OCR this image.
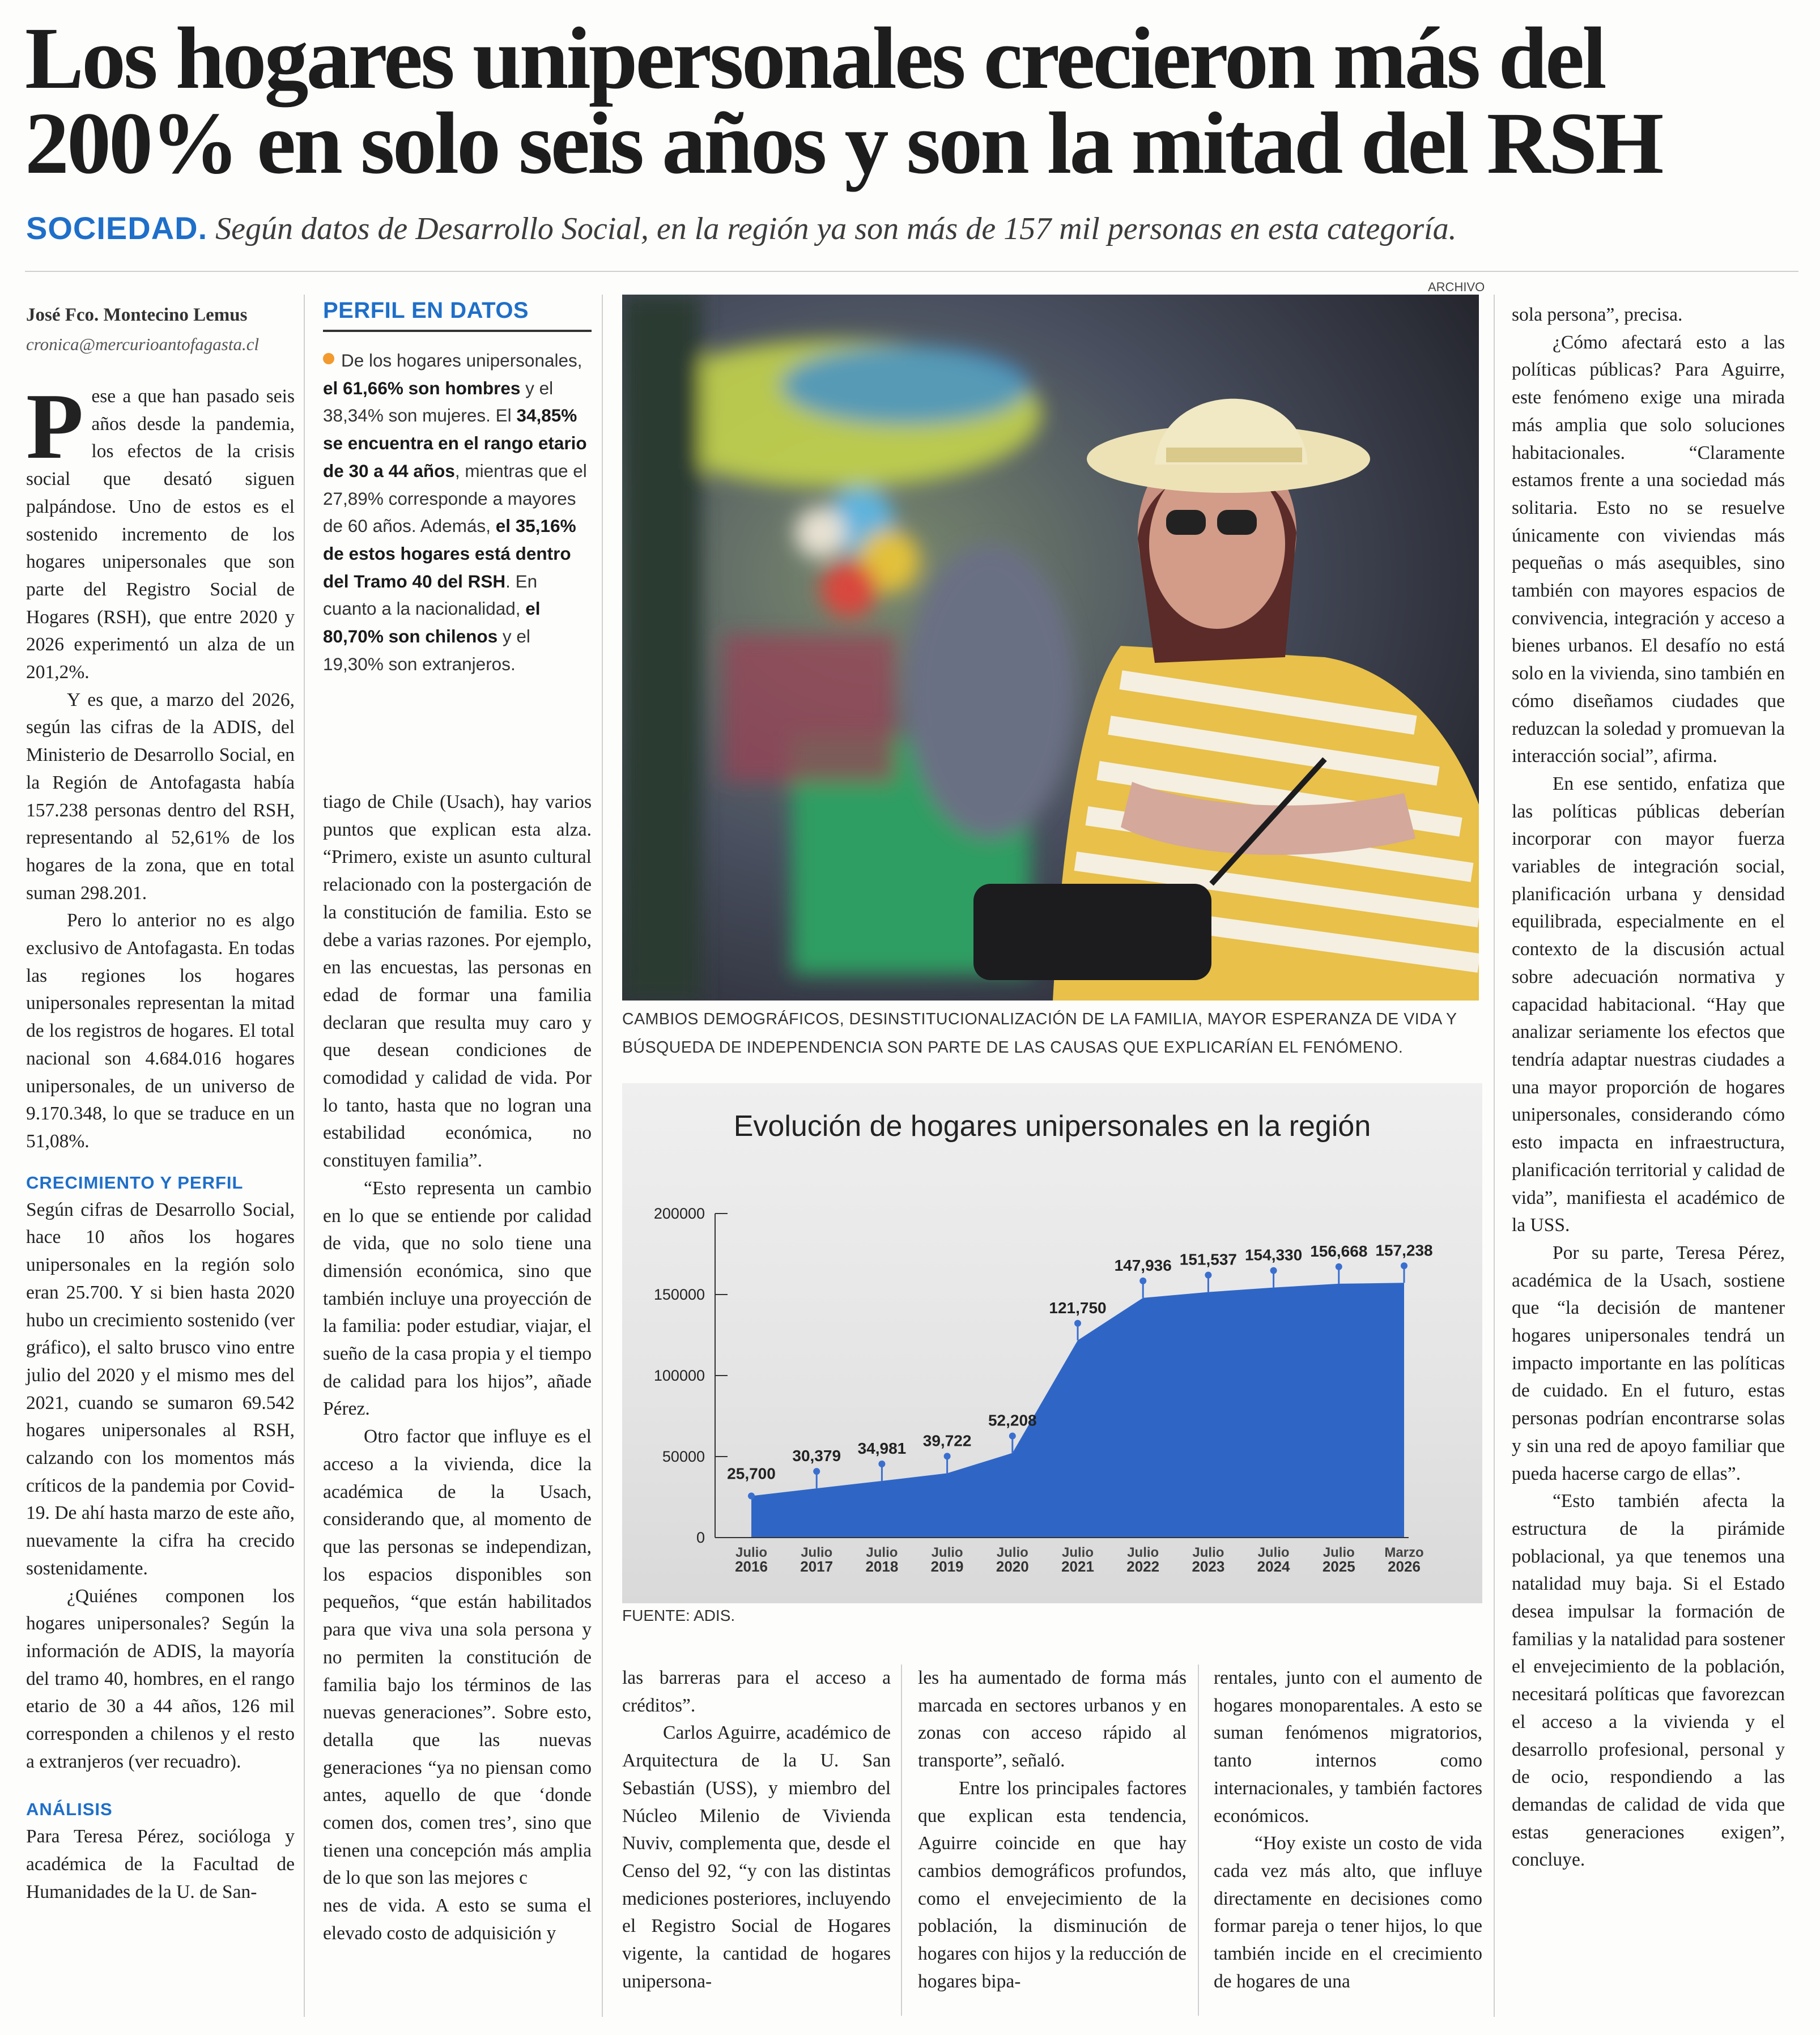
Los hogares unipersonales crecieron más del 200% en solo seis años y son la mitad del RSH
SOCIEDAD. Según datos de Desarrollo Social, en la región ya son más de 157 mil personas en esta categoría.
José Fco. Montecino Lemus
cronica@mercurioantofagasta.cl

Pese a que han pasado seis años desde la pandemia, los efectos de la crisis social que desató siguen palpándose. Uno de estos es el sostenido incremento de los hogares unipersonales que son parte del Registro Social de Hogares (RSH), que entre 2020 y 2026 experimentó un alza de un 201,2%.

Y es que, a marzo del 2026, según las cifras de la ADIS, del Ministerio de Desarrollo Social, en la Región de Antofagasta había 157.238 personas dentro del RSH, representando al 52,61% de los hogares de la zona, que en total suman 298.201.

Pero lo anterior no es algo exclusivo de Antofagasta. En todas las regiones los hogares unipersonales representan la mitad de los registros de hogares. El total nacional son 4.684.016 hogares unipersonales, de un universo de 9.170.348, lo que se traduce en un 51,08%.

CRECIMIENTO Y PERFIL

Según cifras de Desarrollo Social, hace 10 años los hogares unipersonales en la región solo eran 25.700. Y si bien hasta 2020 hubo un crecimiento sostenido (ver gráfico), el salto brusco vino entre julio del 2020 y el mismo mes del 2021, cuando se sumaron 69.542 hogares unipersonales al RSH, calzando con los momentos más críticos de la pandemia por Covid-19. De ahí hasta marzo de este año, nuevamente la cifra ha crecido sostenidamente.

¿Quiénes componen los hogares unipersonales? Según la información de ADIS, la mayoría del tramo 40, hombres, en el rango etario de 30 a 44 años, 126 mil corresponden a chilenos y el resto a extranjeros (ver recuadro).

ANÁLISIS

Para Teresa Pérez, socióloga y académica de la Facultad de Humanidades de la U. de San-

PERFIL EN DATOS
De los hogares unipersonales, el 61,66% son hombres y el 38,34% son mujeres. El 34,85% se encuentra en el rango etario de 30 a 44 años, mientras que el 27,89% corresponde a mayores de 60 años. Además, el 35,16% de estos hogares está dentro del Tramo 40 del RSH. En cuanto a la nacionalidad, el 80,70% son chilenos y el 19,30% son extranjeros.

tiago de Chile (Usach), hay varios puntos que explican esta alza. “Primero, existe un asunto cultural relacionado con la postergación de la constitución de familia. Esto se debe a varias razones. Por ejemplo, en las encuestas, las personas en edad de formar una familia declaran que resulta muy caro y que desean condiciones de comodidad y calidad de vida. Por lo tanto, hasta que no logran una estabilidad económica, no constituyen familia”.

“Esto representa un cambio en lo que se entiende por calidad de vida, que no solo tiene una dimensión económica, sino que también incluye una proyección de la familia: poder estudiar, viajar, el sueño de la casa propia y el tiempo de calidad para los hijos”, añade Pérez.

Otro factor que influye es el acceso a la vivienda, dice la académica de la Usach, considerando que, al momento de que las personas se independizan, los espacios disponibles son pequeños, “que están habilitados para que viva una sola persona y no permiten la constitución de familia bajo los términos de las nuevas generaciones”. Sobre esto, detalla que las nuevas generaciones “ya no piensan como antes, aquello de que ‘donde comen dos, comen tres’, sino que tienen una concepción más amplia de lo que son las mejores c

nes de vida. A esto se suma el elevado costo de adquisición y

ARCHIVO
CAMBIOS DEMOGRÁFICOS, DESINSTITUCIONALIZACIÓN DE LA FAMILIA, MAYOR ESPERANZA DE VIDA Y BÚSQUEDA DE INDEPENDENCIA SON PARTE DE LAS CAUSAS QUE EXPLICARÍAN EL FENÓMENO.
Evolución de hogares unipersonales en la región
0
50000
100000
150000
200000
25,700
Julio
2016
30,379
Julio
2017
34,981
Julio
2018
39,722
Julio
2019
52,208
Julio
2020
121,750
Julio
2021
147,936
Julio
2022
151,537
Julio
2023
154,330
Julio
2024
156,668
Julio
2025
157,238
Marzo
2026
FUENTE: ADIS.

las barreras para el acceso a créditos”.

Carlos Aguirre, académico de Arquitectura de la U. San Sebastián (USS), y miembro del Núcleo Milenio de Vivienda Nuviv, complementa que, desde el Censo del 92, “y con las distintas mediciones posteriores, incluyendo el Registro Social de Hogares vigente, la cantidad de hogares unipersona-

les ha aumentado de forma más marcada en sectores urbanos y en zonas con acceso rápido al transporte”, señaló.

Entre los principales factores que explican esta tendencia, Aguirre coincide en que hay cambios demográficos profundos, como el envejecimiento de la población, la disminución de hogares con hijos y la reducción de hogares bipa-

rentales, junto con el aumento de hogares monoparentales. A esto se suman fenómenos migratorios, tanto internos como internacionales, y también factores económicos.

“Hoy existe un costo de vida cada vez más alto, que influye directamente en decisiones como formar pareja o tener hijos, lo que también incide en el crecimiento de hogares de una

sola persona”, precisa.

¿Cómo afectará esto a las políticas públicas? Para Aguirre, este fenómeno exige una mirada más amplia que solo soluciones habitacionales. “Claramente estamos frente a una sociedad más solitaria. Esto no se resuelve únicamente con viviendas más pequeñas o más asequibles, sino también con mayores espacios de convivencia, integración y acceso a bienes urbanos. El desafío no está solo en la vivienda, sino también en cómo diseñamos ciudades que reduzcan la soledad y promuevan la interacción social”, afirma.

En ese sentido, enfatiza que las políticas públicas deberían incorporar con mayor fuerza variables de integración social, planificación urbana y densidad equilibrada, especialmente en el contexto de la discusión actual sobre adecuación normativa y capacidad habitacional. “Hay que analizar seriamente los efectos que tendría adaptar nuestras ciudades a una mayor proporción de hogares unipersonales, considerando cómo esto impacta en infraestructura, planificación territorial y calidad de vida”, manifiesta el académico de la USS.

Por su parte, Teresa Pérez, académica de la Usach, sostiene que “la decisión de mantener hogares unipersonales tendrá un impacto importante en las políticas de cuidado. En el futuro, estas personas podrían encontrarse solas y sin una red de apoyo familiar que pueda hacerse cargo de ellas”.

“Esto también afecta la estructura de la pirámide poblacional, ya que tenemos una natalidad muy baja. Si el Estado desea impulsar la formación de familias y la natalidad para sostener el envejecimiento de la población, necesitará políticas que favorezcan el acceso a la vivienda y el desarrollo profesional, personal y de ocio, respondiendo a las demandas de calidad de vida que estas generaciones exigen”, concluye.
